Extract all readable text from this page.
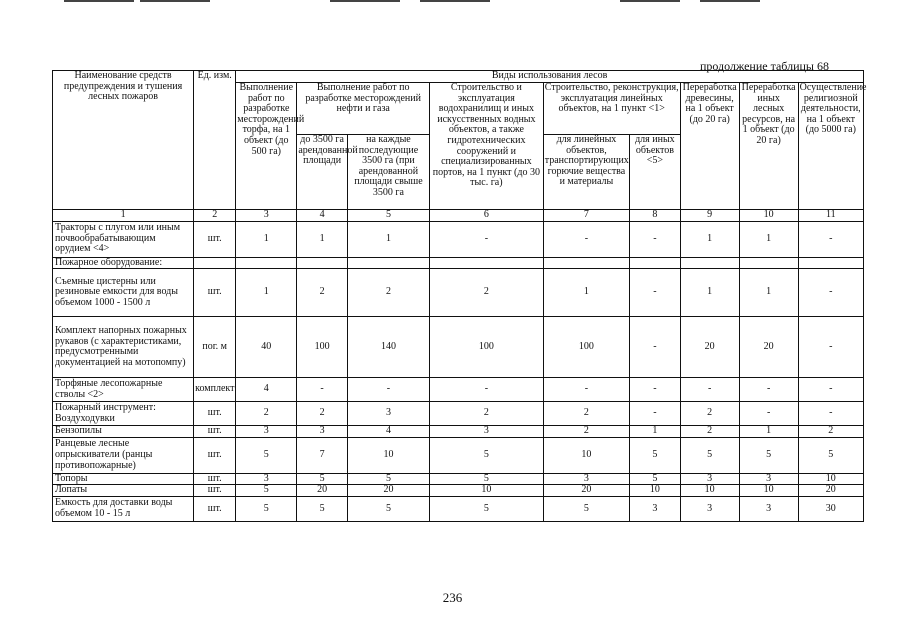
продолжение таблицы 68
Наименование средств предупреждения и тушения лесных пожаров	Ед. изм.	Виды использования лесов								
		Выполнение работ по разработке месторождений торфа, на 1 объект (до 500 га)	Выполнение работ по разработке месторождений нефти и газа		Строительство и эксплуатация водохранилищ и иных искусственных водных объектов, а также гидротехнических сооружений и специализированных портов, на 1 пункт (до 30 тыс. га)	Строительство, реконструкция, эксплуатация линейных объектов, на 1 пункт <1>		Переработка древесины, на 1 объект (до 20 га)	Переработка иных лесных ресурсов, на 1 объект (до 20 га)	Осуществление религиозной деятельности, на 1 объект (до 5000 га)
			до 3500 га арендованной площади	на каждые последующие 3500 га (при арендованной площади свыше 3500 га		для линейных объектов, транспортирующих горючие вещества и материалы	для иных объектов <5>			
1	2	3	4	5	6	7	8	9	10	11
Тракторы с плугом или иным почвообрабатывающим орудием <4>	шт.	1	1	1	-	-	-	1	1	-
Пожарное оборудование:										
Съемные цистерны или резиновые емкости для воды объемом 1000 - 1500 л	шт.	1	2	2	2	1	-	1	1	-
Комплект напорных пожарных рукавов (с характеристиками, предусмотренными документацией на мотопомпу)	пог. м	40	100	140	100	100	-	20	20	-
Торфяные лесопожарные стволы <2>	комплект	4	-	-	-	-	-	-	-	-
Пожарный инструмент: Воздуходувки	шт.	2	2	3	2	2	-	2	-	-
Бензопилы	шт.	3	3	4	3	2	1	2	1	2
Ранцевые лесные опрыскиватели (ранцы противопожарные)	шт.	5	7	10	5	10	5	5	5	5
Топоры	шт.	3	5	5	5	3	5	3	3	10
Лопаты	шт.	5	20	20	10	20	10	10	10	20
Емкость для доставки воды объемом 10 - 15 л	шт.	5	5	5	5	5	3	3	3	30
236
